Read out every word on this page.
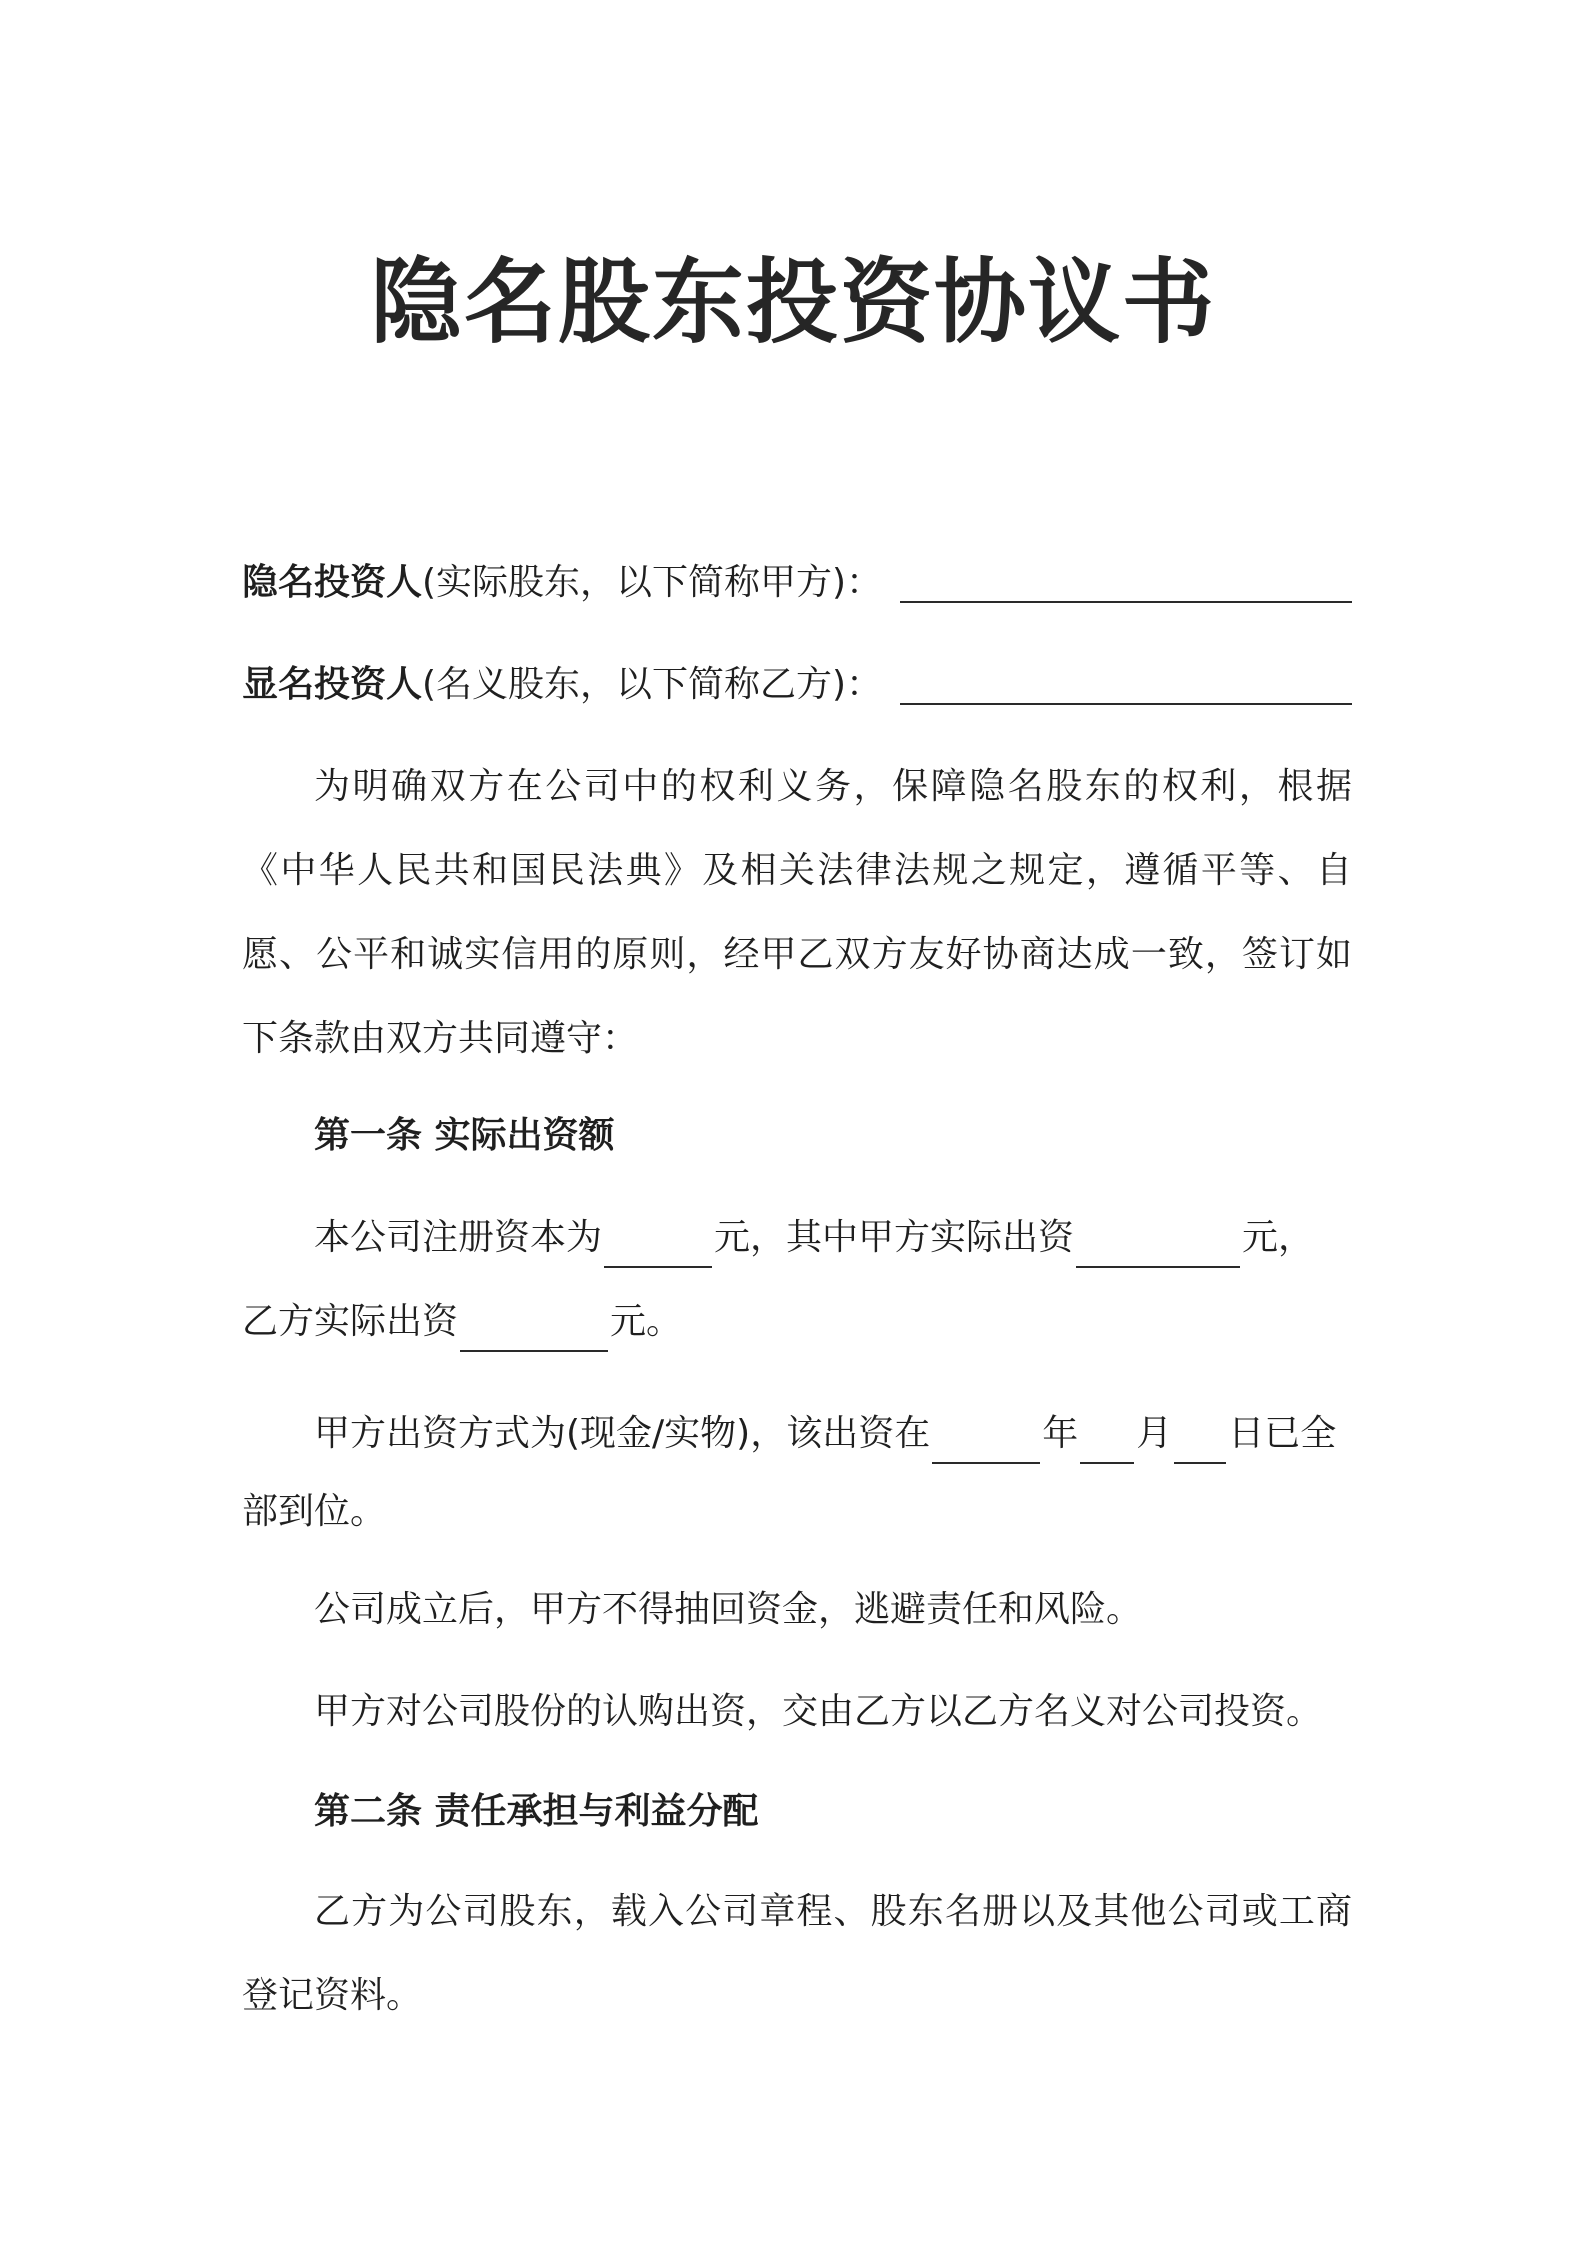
隐名股东投资协议书
隐名投资人(实际股东，以下简称甲方)：
显名投资人(名义股东，以下简称乙方)：
为明确双方在公司中的权利义务，保障隐名股东的权利，根据《中华人民共和国民法典》及相关法律法规之规定，遵循平等、自愿、公平和诚实信用的原则，经甲乙双方友好协商达成一致，签订如下条款由双方共同遵守：
第一条 实际出资额
本公司注册资本为	元，其中甲方实际出资	元，
乙方实际出资	元。
甲方出资方式为(现金/实物)，该出资在	年 月 日已全
部到位。
公司成立后，甲方不得抽回资金，逃避责任和风险。
甲方对公司股份的认购出资，交由乙方以乙方名义对公司投资。
第二条 责任承担与利益分配
乙方为公司股东，载入公司章程、股东名册以及其他公司或工商登记资料。
